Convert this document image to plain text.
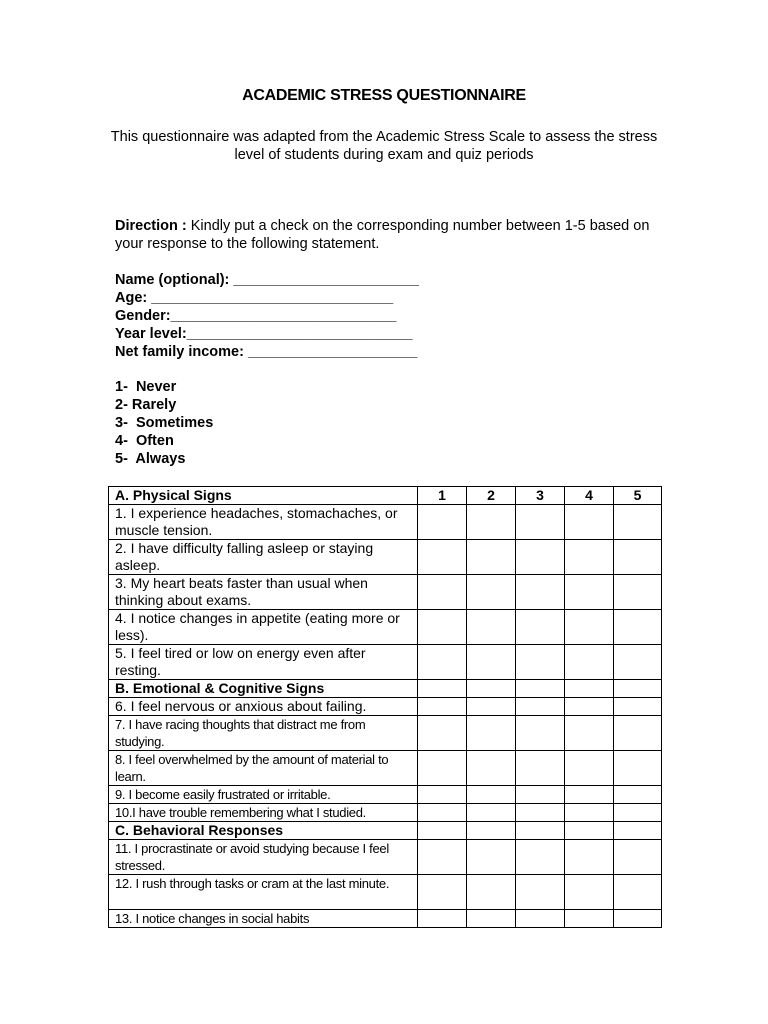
ACADEMIC STRESS QUESTIONNAIRE
This questionnaire was adapted from the Academic Stress Scale to assess the stress level of students during exam and quiz periods
Direction : Kindly put a check on the corresponding number between 1-5 based on your response to the following statement.
Name (optional): _______________________
Age: ______________________________
Gender:____________________________
Year level:____________________________
Net family income: _____________________
1-  Never
2- Rarely
3-  Sometimes
4-  Often
5-  Always
A. Physical Signs	1	2	3	4	5
1. I experience headaches, stomachaches, or muscle tension.					
2. I have difficulty falling asleep or staying asleep.					
3. My heart beats faster than usual when thinking about exams.					
4. I notice changes in appetite (eating more or less).					
5. I feel tired or low on energy even after resting.					
B. Emotional & Cognitive Signs					
6. I feel nervous or anxious about failing.					
7. I have racing thoughts that distract me from studying.					
8. I feel overwhelmed by the amount of material to learn.					
9. I become easily frustrated or irritable.					
10.I have trouble remembering what I studied.					
C. Behavioral Responses					
11. I procrastinate or avoid studying because I feel stressed.					
12. I rush through tasks or cram at the last minute.					
13. I notice changes in social habits					
